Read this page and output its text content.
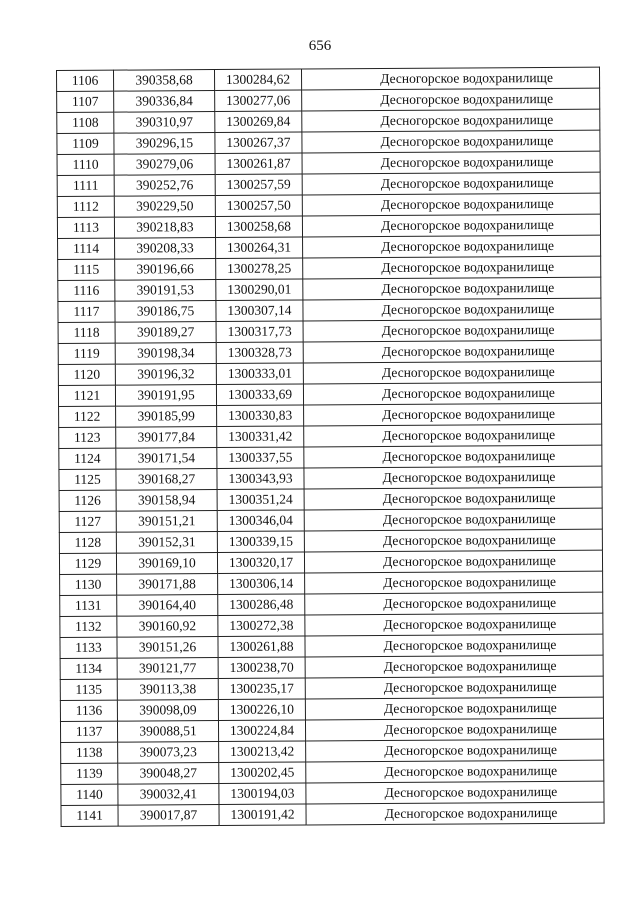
656
1106	390358,68	1300284,62	Десногорское водохранилище
1107	390336,84	1300277,06	Десногорское водохранилище
1108	390310,97	1300269,84	Десногорское водохранилище
1109	390296,15	1300267,37	Десногорское водохранилище
1110	390279,06	1300261,87	Десногорское водохранилище
1111	390252,76	1300257,59	Десногорское водохранилище
1112	390229,50	1300257,50	Десногорское водохранилище
1113	390218,83	1300258,68	Десногорское водохранилище
1114	390208,33	1300264,31	Десногорское водохранилище
1115	390196,66	1300278,25	Десногорское водохранилище
1116	390191,53	1300290,01	Десногорское водохранилище
1117	390186,75	1300307,14	Десногорское водохранилище
1118	390189,27	1300317,73	Десногорское водохранилище
1119	390198,34	1300328,73	Десногорское водохранилище
1120	390196,32	1300333,01	Десногорское водохранилище
1121	390191,95	1300333,69	Десногорское водохранилище
1122	390185,99	1300330,83	Десногорское водохранилище
1123	390177,84	1300331,42	Десногорское водохранилище
1124	390171,54	1300337,55	Десногорское водохранилище
1125	390168,27	1300343,93	Десногорское водохранилище
1126	390158,94	1300351,24	Десногорское водохранилище
1127	390151,21	1300346,04	Десногорское водохранилище
1128	390152,31	1300339,15	Десногорское водохранилище
1129	390169,10	1300320,17	Десногорское водохранилище
1130	390171,88	1300306,14	Десногорское водохранилище
1131	390164,40	1300286,48	Десногорское водохранилище
1132	390160,92	1300272,38	Десногорское водохранилище
1133	390151,26	1300261,88	Десногорское водохранилище
1134	390121,77	1300238,70	Десногорское водохранилище
1135	390113,38	1300235,17	Десногорское водохранилище
1136	390098,09	1300226,10	Десногорское водохранилище
1137	390088,51	1300224,84	Десногорское водохранилище
1138	390073,23	1300213,42	Десногорское водохранилище
1139	390048,27	1300202,45	Десногорское водохранилище
1140	390032,41	1300194,03	Десногорское водохранилище
1141	390017,87	1300191,42	Десногорское водохранилище
